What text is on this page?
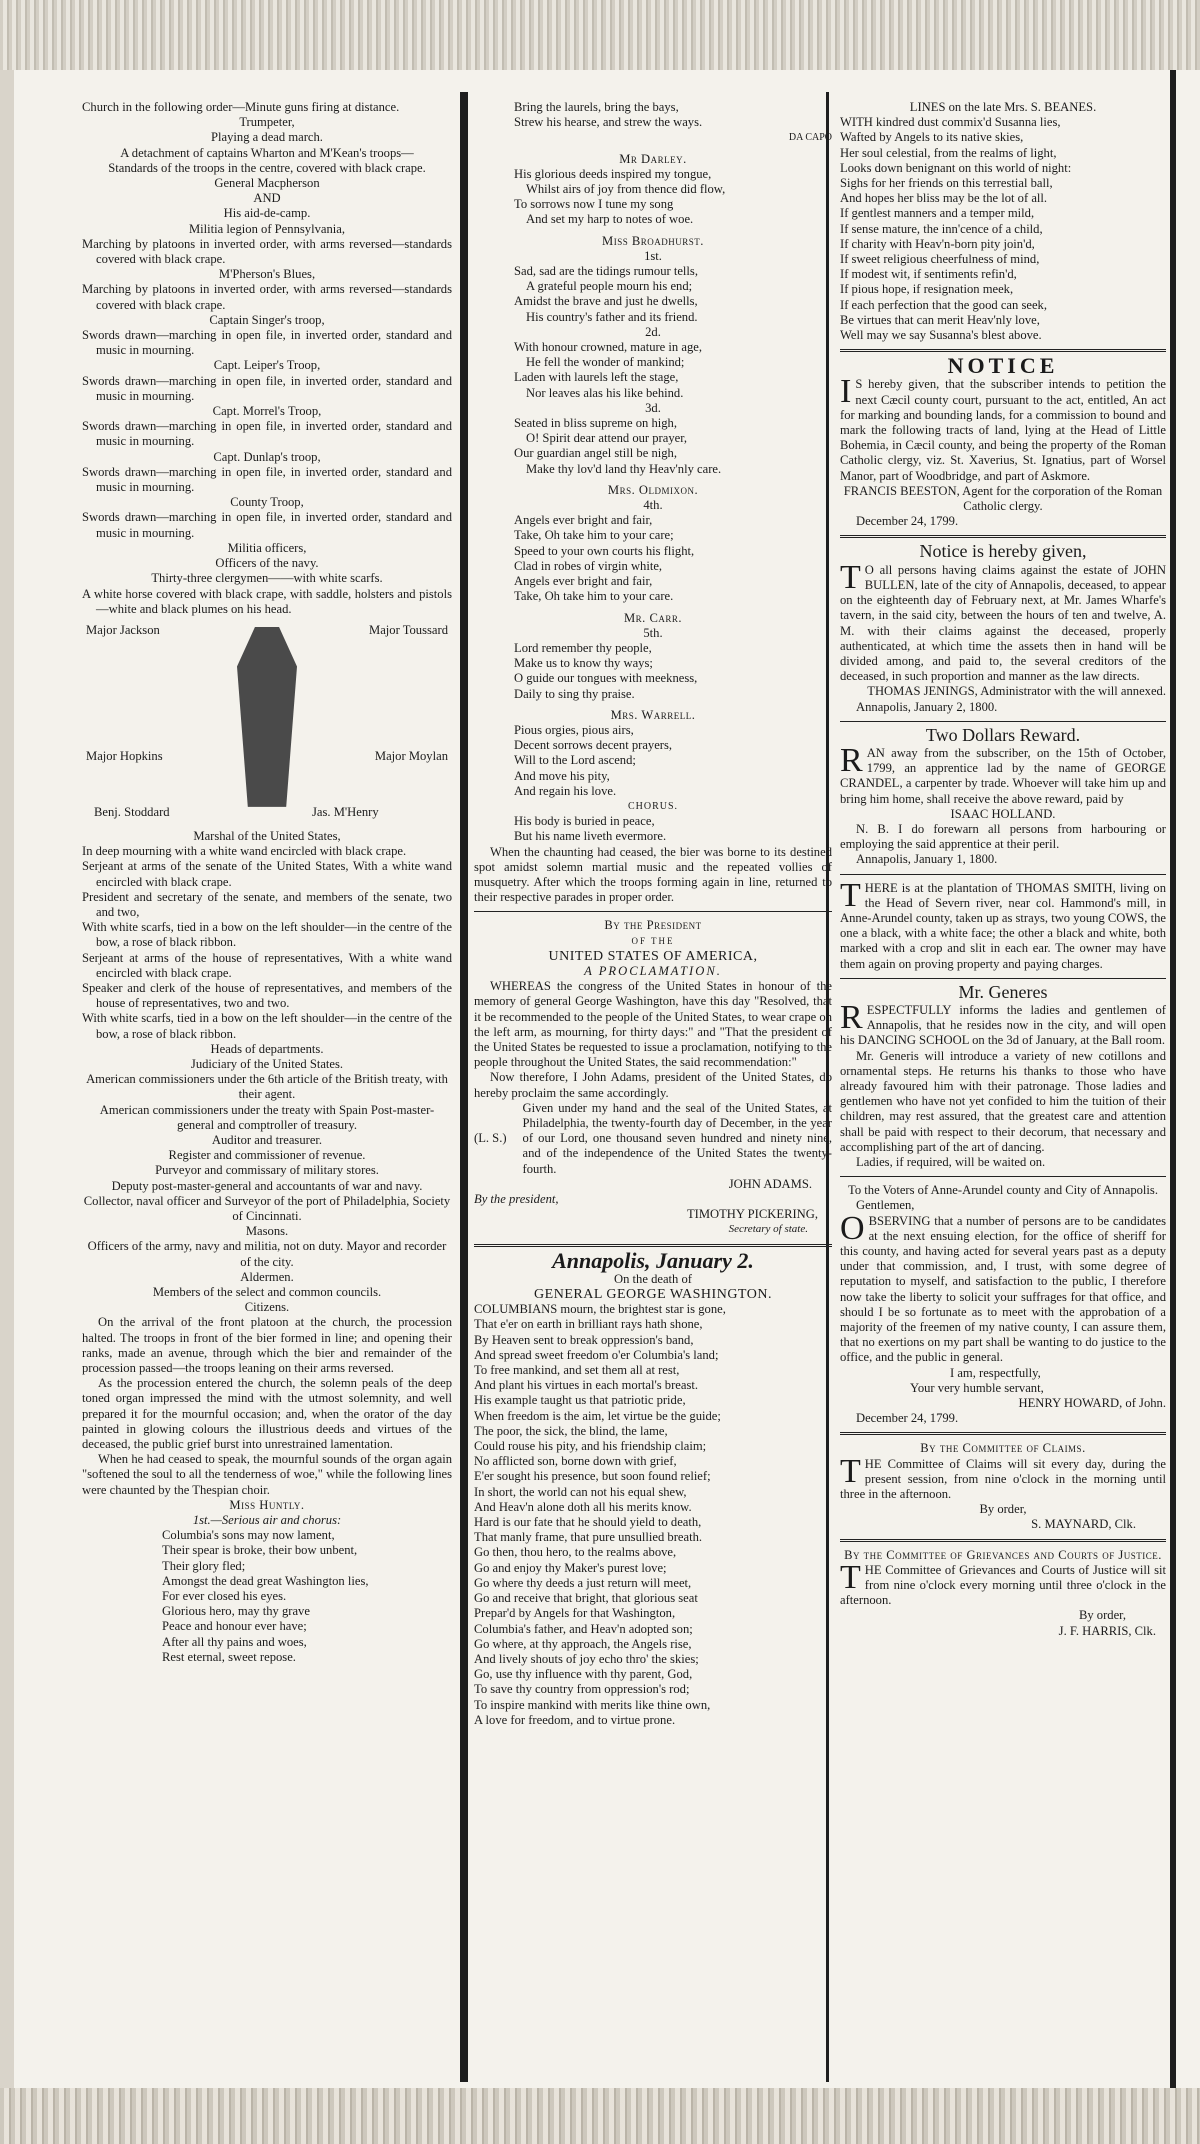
Church in the following order—Minute guns firing at distance.

Trumpeter,

Playing a dead march.

A detachment of captains Wharton and M'Kean's troops—

Standards of the troops in the centre, covered with black crape.

General Macpherson

AND

His aid-de-camp.

Militia legion of Pennsylvania,

Marching by platoons in inverted order, with arms reversed—standards covered with black crape.

M'Pherson's Blues,

Marching by platoons in inverted order, with arms reversed—standards covered with black crape.

Captain Singer's troop,

Swords drawn—marching in open file, in inverted order, standard and music in mourning.

Capt. Leiper's Troop,

Swords drawn—marching in open file, in inverted order, standard and music in mourning.

Capt. Morrel's Troop,

Swords drawn—marching in open file, in inverted order, standard and music in mourning.

Capt. Dunlap's troop,

Swords drawn—marching in open file, in inverted order, standard and music in mourning.

County Troop,

Swords drawn—marching in open file, in inverted order, standard and music in mourning.

Militia officers,

Officers of the navy.

Thirty-three clergymen——with white scarfs.

A white horse covered with black crape, with saddle, holsters and pistols—white and black plumes on his head.

Major Jackson	Major Toussard
Major Hopkins	Major Moylan
Benj. Stoddard	Jas. M'Henry

Marshal of the United States,

In deep mourning with a white wand encircled with black crape.

Serjeant at arms of the senate of the United States, With a white wand encircled with black crape.

President and secretary of the senate, and members of the senate, two and two,

With white scarfs, tied in a bow on the left shoulder—in the centre of the bow, a rose of black ribbon.

Serjeant at arms of the house of representatives, With a white wand encircled with black crape.

Speaker and clerk of the house of representatives, and members of the house of representatives, two and two.

With white scarfs, tied in a bow on the left shoulder—in the centre of the bow, a rose of black ribbon.

Heads of departments.

Judiciary of the United States.

American commissioners under the 6th article of the British treaty, with their agent.

American commissioners under the treaty with Spain Post-master-general and comptroller of treasury.

Auditor and treasurer.

Register and commissioner of revenue.

Purveyor and commissary of military stores.

Deputy post-master-general and accountants of war and navy.

Collector, naval officer and Surveyor of the port of Philadelphia, Society of Cincinnati.

Masons.

Officers of the army, navy and militia, not on duty. Mayor and recorder of the city.

Aldermen.

Members of the select and common councils.

Citizens.

On the arrival of the front platoon at the church, the procession halted. The troops in front of the bier formed in line; and opening their ranks, made an avenue, through which the bier and remainder of the procession passed—the troops leaning on their arms reversed.

As the procession entered the church, the solemn peals of the deep toned organ impressed the mind with the utmost solemnity, and well prepared it for the mournful occasion; and, when the orator of the day painted in glowing colours the illustrious deeds and virtues of the deceased, the public grief burst into unrestrained lamentation.

When he had ceased to speak, the mournful sounds of the organ again "softened the soul to all the tenderness of woe," while the following lines were chaunted by the Thespian choir.

Miss Huntly.

1st.—Serious air and chorus:

Columbia's sons may now lament,

Their spear is broke, their bow unbent,

Their glory fled;

Amongst the dead great Washington lies,

For ever closed his eyes.

Glorious hero, may thy grave

Peace and honour ever have;

After all thy pains and woes,

Rest eternal, sweet repose.

Bring the laurels, bring the bays,

Strew his hearse, and strew the ways.

DA CAPO

Mr Darley.

His glorious deeds inspired my tongue,

Whilst airs of joy from thence did flow,

To sorrows now I tune my song

And set my harp to notes of woe.

Miss Broadhurst.

1st.

Sad, sad are the tidings rumour tells,

A grateful people mourn his end;

Amidst the brave and just he dwells,

His country's father and its friend.

2d.

With honour crowned, mature in age,

He fell the wonder of mankind;

Laden with laurels left the stage,

Nor leaves alas his like behind.

3d.

Seated in bliss supreme on high,

O! Spirit dear attend our prayer,

Our guardian angel still be nigh,

Make thy lov'd land thy Heav'nly care.

Mrs. Oldmixon.

4th.

Angels ever bright and fair,

Take, Oh take him to your care;

Speed to your own courts his flight,

Clad in robes of virgin white,

Angels ever bright and fair,

Take, Oh take him to your care.

Mr. Carr.

5th.

Lord remember thy people,

Make us to know thy ways;

O guide our tongues with meekness,

Daily to sing thy praise.

Mrs. Warrell.

Pious orgies, pious airs,

Decent sorrows decent prayers,

Will to the Lord ascend;

And move his pity,

And regain his love.

CHORUS.

His body is buried in peace,

But his name liveth evermore.

When the chaunting had ceased, the bier was borne to its destined spot amidst solemn martial music and the repeated vollies of musquetry. After which the troops forming again in line, returned to their respective parades in proper order.

By the President

OF THE

UNITED STATES OF AMERICA,

A PROCLAMATION.

WHEREAS the congress of the United States in honour of the memory of general George Washington, have this day "Resolved, that it be recommended to the people of the United States, to wear crape on the left arm, as mourning, for thirty days:" and "That the president of the United States be requested to issue a proclamation, notifying to the people throughout the United States, the said recommendation:"

Now therefore, I John Adams, president of the United States, do hereby proclaim the same accordingly.

(L. S.)

Given under my hand and the seal of the United States, at Philadelphia, the twenty-fourth day of December, in the year of our Lord, one thousand seven hundred and ninety nine, and of the independence of the United States the twenty-fourth.

JOHN ADAMS.

By the president,

TIMOTHY PICKERING,

Secretary of state.

Annapolis, January 2.

On the death of

GENERAL GEORGE WASHINGTON.

COLUMBIANS mourn, the brightest star is gone,

That e'er on earth in brilliant rays hath shone,

By Heaven sent to break oppression's band,

And spread sweet freedom o'er Columbia's land;

To free mankind, and set them all at rest,

And plant his virtues in each mortal's breast.

His example taught us that patriotic pride,

When freedom is the aim, let virtue be the guide;

The poor, the sick, the blind, the lame,

Could rouse his pity, and his friendship claim;

No afflicted son, borne down with grief,

E'er sought his presence, but soon found relief;

In short, the world can not his equal shew,

And Heav'n alone doth all his merits know.

Hard is our fate that he should yield to death,

That manly frame, that pure unsullied breath.

Go then, thou hero, to the realms above,

Go and enjoy thy Maker's purest love;

Go where thy deeds a just return will meet,

Go and receive that bright, that glorious seat

Prepar'd by Angels for that Washington,

Columbia's father, and Heav'n adopted son;

Go where, at thy approach, the Angels rise,

And lively shouts of joy echo thro' the skies;

Go, use thy influence with thy parent, God,

To save thy country from oppression's rod;

To inspire mankind with merits like thine own,

A love for freedom, and to virtue prone.

LINES on the late Mrs. S. BEANES.

WITH kindred dust commix'd Susanna lies,

Wafted by Angels to its native skies,

Her soul celestial, from the realms of light,

Looks down benignant on this world of night:

Sighs for her friends on this terrestial ball,

And hopes her bliss may be the lot of all.

If gentlest manners and a temper mild,

If sense mature, the inn'cence of a child,

If charity with Heav'n-born pity join'd,

If sweet religious cheerfulness of mind,

If modest wit, if sentiments refin'd,

If pious hope, if resignation meek,

If each perfection that the good can seek,

Be virtues that can merit Heav'nly love,

Well may we say Susanna's blest above.

NOTICE

I S hereby given, that the subscriber intends to petition the next Cæcil county court, pursuant to the act, entitled, An act for marking and bounding lands, for a commission to bound and mark the following tracts of land, lying at the Head of Little Bohemia, in Cæcil county, and being the property of the Roman Catholic clergy, viz. St. Xaverius, St. Ignatius, part of Worsel Manor, part of Woodbridge, and part of Askmore.

FRANCIS BEESTON, Agent for the corporation of the Roman Catholic clergy.

December 24, 1799.

Notice is hereby given,

T O all persons having claims against the estate of JOHN BULLEN, late of the city of Annapolis, deceased, to appear on the eighteenth day of February next, at Mr. James Wharfe's tavern, in the said city, between the hours of ten and twelve, A. M. with their claims against the deceased, properly authenticated, at which time the assets then in hand will be divided among, and paid to, the several creditors of the deceased, in such proportion and manner as the law directs.

THOMAS JENINGS, Administrator with the will annexed.

Annapolis, January 2, 1800.

Two Dollars Reward.

RAN away from the subscriber, on the 15th of October, 1799, an apprentice lad by the name of GEORGE CRANDEL, a carpenter by trade. Whoever will take him up and bring him home, shall receive the above reward, paid by

ISAAC HOLLAND.

N. B. I do forewarn all persons from harbouring or employing the said apprentice at their peril.

Annapolis, January 1, 1800.

THERE is at the plantation of THOMAS SMITH, living on the Head of Severn river, near col. Hammond's mill, in Anne-Arundel county, taken up as strays, two young COWS, the one a black, with a white face; the other a black and white, both marked with a crop and slit in each ear. The owner may have them again on proving property and paying charges.

Mr. Generes

RESPECTFULLY informs the ladies and gentlemen of Annapolis, that he resides now in the city, and will open his DANCING SCHOOL on the 3d of January, at the Ball room.

Mr. Generis will introduce a variety of new cotillons and ornamental steps. He returns his thanks to those who have already favoured him with their patronage. Those ladies and gentlemen who have not yet confided to him the tuition of their children, may rest assured, that the greatest care and attention shall be paid with respect to their decorum, that necessary and accomplishing part of the art of dancing.

Ladies, if required, will be waited on.

To the Voters of Anne-Arundel county and City of Annapolis.

Gentlemen,

OBSERVING that a number of persons are to be candidates at the next ensuing election, for the office of sheriff for this county, and having acted for several years past as a deputy under that commission, and, I trust, with some degree of reputation to myself, and satisfaction to the public, I therefore now take the liberty to solicit your suffrages for that office, and should I be so fortunate as to meet with the approbation of a majority of the freemen of my native county, I can assure them, that no exertions on my part shall be wanting to do justice to the office, and the public in general.

I am, respectfully,

Your very humble servant,

HENRY HOWARD, of John.

December 24, 1799.

By the Committee of Claims.

THE Committee of Claims will sit every day, during the present session, from nine o'clock in the morning until three in the afternoon.

By order,

S. MAYNARD, Clk.

By the Committee of Grievances and Courts of Justice.

THE Committee of Grievances and Courts of Justice will sit from nine o'clock every morning until three o'clock in the afternoon.

By order,

J. F. HARRIS, Clk.
